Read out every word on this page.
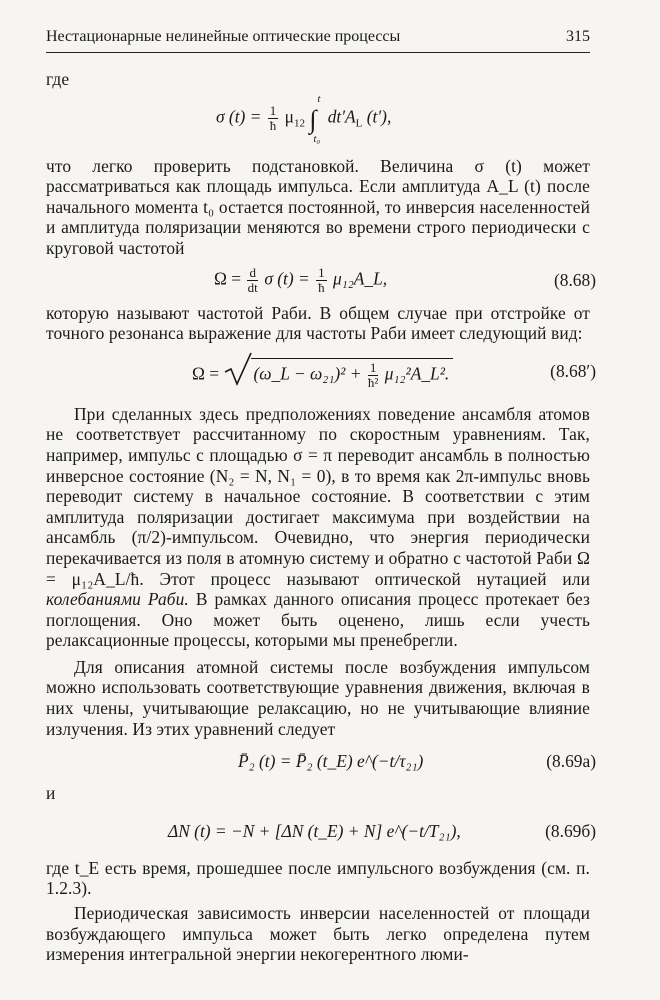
Нестационарные нелинейные оптические процессы	315

где

σ $(t) = \frac{1}{ħ} \mu_{12}$ ∫
t
t₀
$dt'A_L$ (t′),

что легко проверить подстановкой. Величина σ (t) может рассматриваться как площадь импульса. Если амплитуда A_L (t) после начального момента t₀ остается постоянной, то инверсия населенностей и амплитуда поляризации меняются во времени строго периодически с круговой частотой

$\Omega = \frac{d}{dt}$ σ $(t) = \frac{1}{ħ}$ μ₁₂A_L,	(8.68)

которую называют частотой Раби. В общем случае при отстройке от точного резонанса выражение для частоты Раби имеет следующий вид:

Ω = (ω_L − $\omega_{21})^2 + \frac{1}{\text{ħ²}}$ μ₁₂²A_L².	(8.68′)

При сделанных здесь предположениях поведение ансамбля атомов не соответствует рассчитанному по скоростным уравнениям. Так, например, импульс с площадью σ = π переводит ансамбль в полностью инверсное состояние (N₂ = N, N₁ = 0), в то время как 2π-импульс вновь переводит систему в начальное состояние. В соответствии с этим амплитуда поляризации достигает максимума при воздействии на ансамбль (π/2)-импульсом. Очевидно, что энергия периодически перекачивается из поля в атомную систему и обратно с частотой Раби Ω = μ₁₂A_L/ħ. Этот процесс называют оптической нутацией или колебаниями Раби. В рамках данного описания процесс протекает без поглощения. Оно может быть оценено, лишь если учесть релаксационные процессы, которыми мы пренебрегли.

Для описания атомной системы после возбуждения импульсом можно использовать соответствующие уравнения движения, включая в них члены, учитывающие релаксацию, но не учитывающие влияние излучения. Из этих уравнений следует

P̄₂ (t) = P̄₂ (t_E) e^(−t/τ₂₁)	(8.69а)

и

ΔN (t) = −N + [ΔN (t_E) + N] e^(−t/T₂₁),	(8.69б)

где t_E есть время, прошедшее после импульсного возбуждения (см. п. 1.2.3).

Периодическая зависимость инверсии населенностей от площади возбуждающего импульса может быть легко определена путем измерения интегральной энергии некогерентного люми-
